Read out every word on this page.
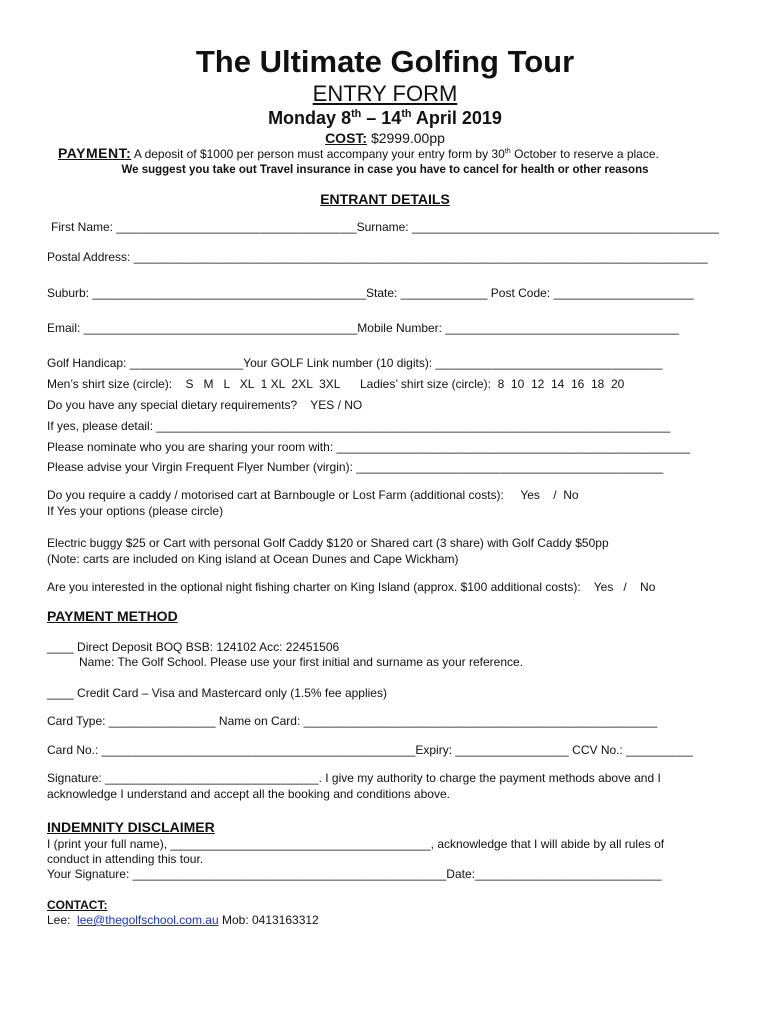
The Ultimate Golfing Tour
ENTRY FORM
Monday 8th – 14th April 2019
COST: $2999.00pp
PAYMENT: A deposit of $1000 per person must accompany your entry form by 30th October to reserve a place.
We suggest you take out Travel insurance in case you have to cancel for health or other reasons
ENTRANT DETAILS
First Name: ____________________________________Surname: ______________________________________________
Postal Address: ______________________________________________________________________________________
Suburb: _________________________________________State: _____________ Post Code: _____________________
Email: _________________________________________Mobile Number: ___________________________________
Golf Handicap: _________________Your GOLF Link number (10 digits): __________________________________
Men’s shirt size (circle):    S   M   L   XL  1 XL  2XL  3XL      Ladies’ shirt size (circle):  8  10  12  14  16  18  20
Do you have any special dietary requirements?    YES / NO
If yes, please detail: _____________________________________________________________________________
Please nominate who you are sharing your room with: _____________________________________________________
Please advise your Virgin Frequent Flyer Number (virgin): ______________________________________________
Do you require a caddy / motorised cart at Barnbougle or Lost Farm (additional costs):     Yes    /  No
If Yes your options (please circle)
Electric buggy $25 or Cart with personal Golf Caddy $120 or Shared cart (3 share) with Golf Caddy $50pp
(Note: carts are included on King island at Ocean Dunes and Cape Wickham)
Are you interested in the optional night fishing charter on King Island (approx. $100 additional costs):    Yes   /    No
PAYMENT METHOD
____ Direct Deposit BOQ BSB: 124102 Acc: 22451506
Name: The Golf School. Please use your first initial and surname as your reference.
____ Credit Card – Visa and Mastercard only (1.5% fee applies)
Card Type: ________________ Name on Card: _____________________________________________________
Card No.: _______________________________________________Expiry: _________________ CCV No.: __________
Signature: ________________________________. I give my authority to charge the payment methods above and I
acknowledge I understand and accept all the booking and conditions above.
INDEMNITY DISCLAIMER
I (print your full name), _______________________________________, acknowledge that I will abide by all rules of
conduct in attending this tour.
Your Signature: _______________________________________________Date:____________________________
CONTACT:
Lee:  lee@thegolfschool.com.au Mob: 0413163312
